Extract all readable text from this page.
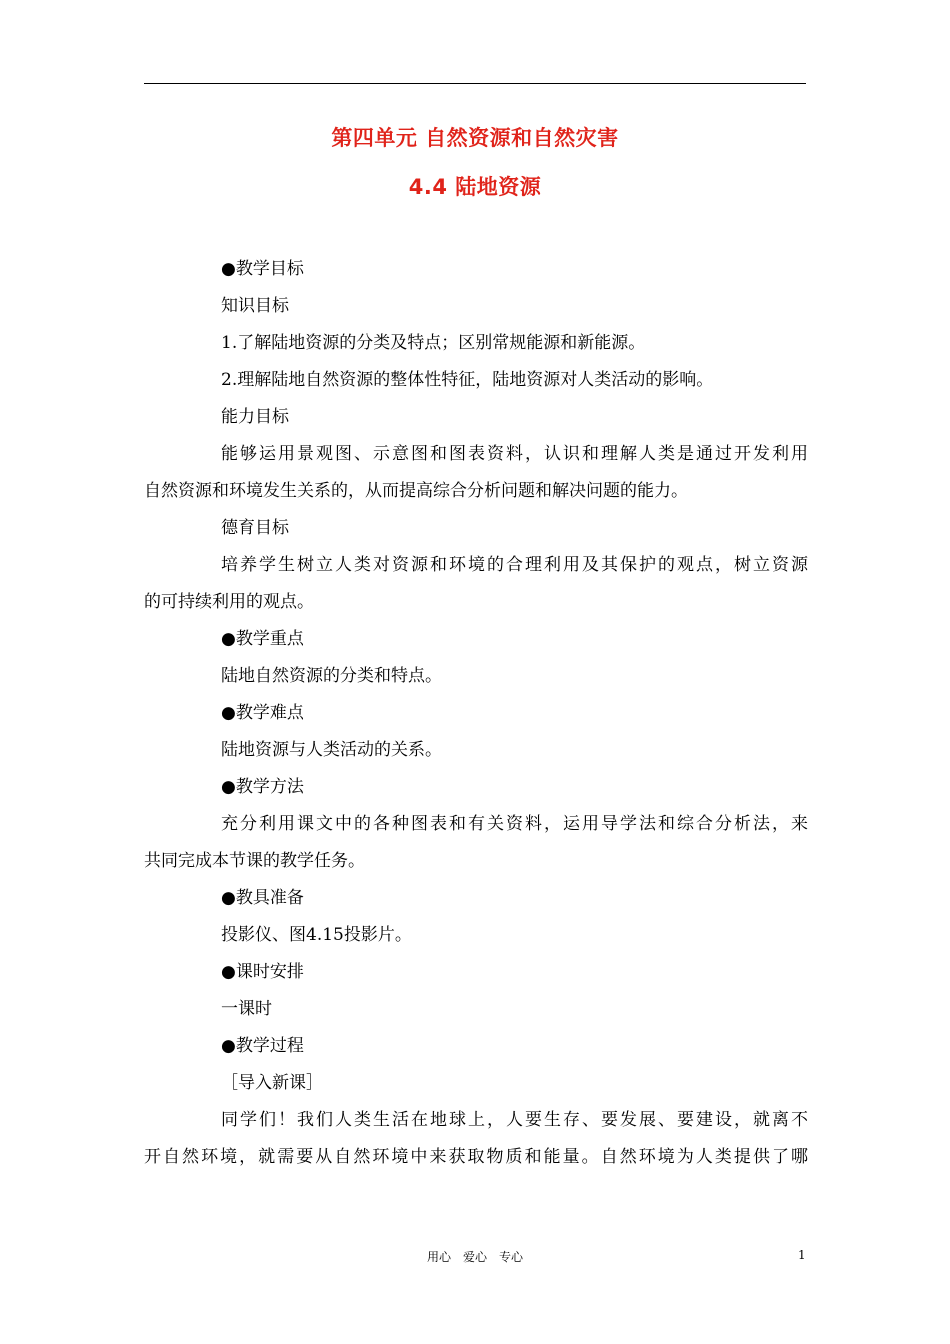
第四单元 自然资源和自然灾害
4.4 陆地资源
●教学目标
知识目标
1.了解陆地资源的分类及特点；区别常规能源和新能源。
2.理解陆地自然资源的整体性特征，陆地资源对人类活动的影响。
能力目标
能够运用景观图、示意图和图表资料，认识和理解人类是通过开发利用
自然资源和环境发生关系的，从而提高综合分析问题和解决问题的能力。
德育目标
培养学生树立人类对资源和环境的合理利用及其保护的观点，树立资源
的可持续利用的观点。
●教学重点
陆地自然资源的分类和特点。
●教学难点
陆地资源与人类活动的关系。
●教学方法
充分利用课文中的各种图表和有关资料，运用导学法和综合分析法，来
共同完成本节课的教学任务。
●教具准备
投影仪、图4.15投影片。
●课时安排
一课时
●教学过程
［导入新课］
同学们！我们人类生活在地球上，人要生存、要发展、要建设，就离不
开自然环境，就需要从自然环境中来获取物质和能量。自然环境为人类提供了哪
用心　爱心　专心	1
